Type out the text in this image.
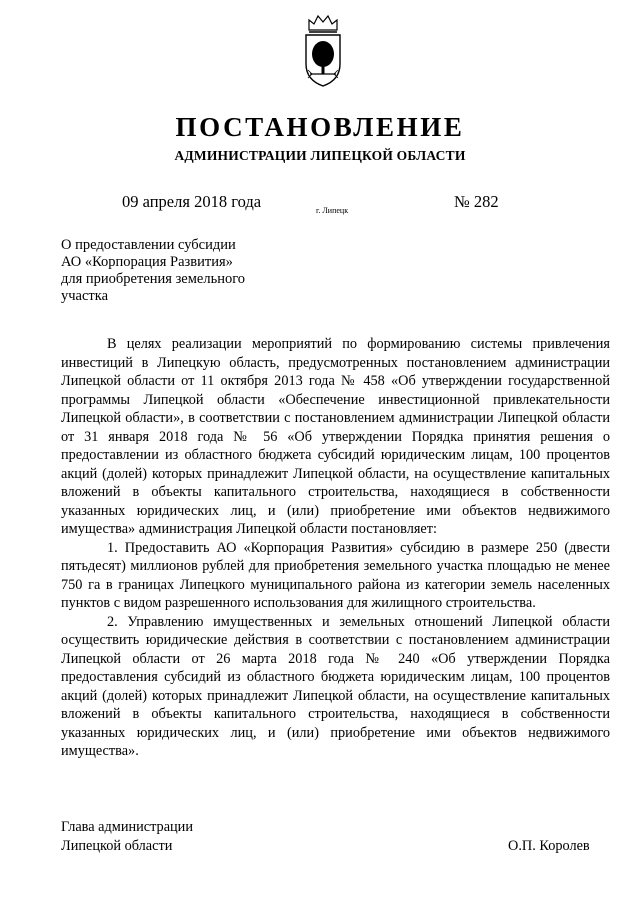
ПОСТАНОВЛЕНИЕ
АДМИНИСТРАЦИИ ЛИПЕЦКОЙ ОБЛАСТИ
09 апреля 2018 года	г. Липецк	№ 282
О предоставлении субсидии
АО «Корпорация Развития»
для приобретения земельного
участка

В целях реализации мероприятий по формированию системы привлечения инвестиций в Липецкую область, предусмотренных постановлением администрации Липецкой области от 11 октября 2013 года № 458 «Об утверждении государственной программы Липецкой области «Обеспечение инвестиционной привлекательности Липецкой области», в соответствии с постановлением администрации Липецкой области от 31 января 2018 года № 56 «Об утверждении Порядка принятия решения о предоставлении из областного бюджета субсидий юридическим лицам, 100 процентов акций (долей) которых принадлежит Липецкой области, на осуществление капитальных вложений в объекты капитального строительства, находящиеся в собственности указанных юридических лиц, и (или) приобретение ими объектов недвижимого имущества» администрация Липецкой области постановляет:

1. Предоставить АО «Корпорация Развития» субсидию в размере 250 (двести пятьдесят) миллионов рублей для приобретения земельного участка площадью не менее 750 га в границах Липецкого муниципального района из категории земель населенных пунктов с видом разрешенного использования для жилищного строительства.

2. Управлению имущественных и земельных отношений Липецкой области осуществить юридические действия в соответствии с постановлением администрации Липецкой области от 26 марта 2018 года № 240 «Об утверждении Порядка предоставления субсидий из областного бюджета юридическим лицам, 100 процентов акций (долей) которых принадлежит Липецкой области, на осуществление капитальных вложений в объекты капитального строительства, находящиеся в собственности указанных юридических лиц, и (или) приобретение ими объектов недвижимого имущества».

Глава администрации
Липецкой области	О.П. Королев
